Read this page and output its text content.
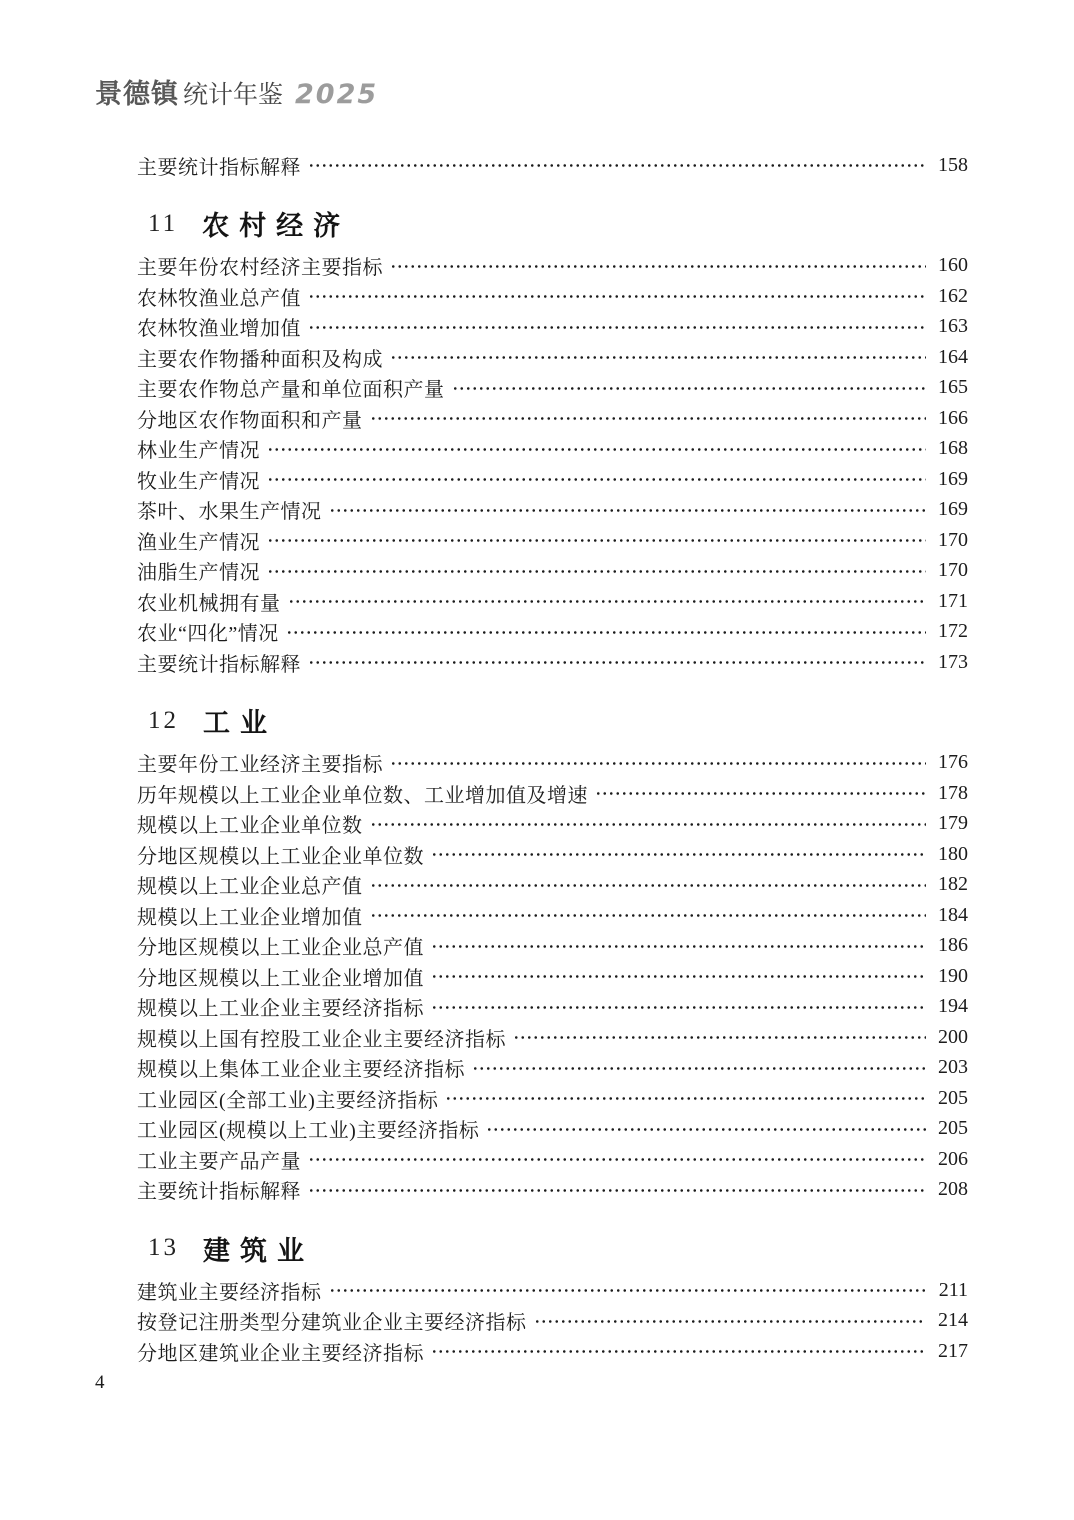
景德镇 统计年鉴 2025
主要统计指标解释	158
11 农村经济
主要年份农村经济主要指标	160
农林牧渔业总产值	162
农林牧渔业增加值	163
主要农作物播种面积及构成	164
主要农作物总产量和单位面积产量	165
分地区农作物面积和产量	166
林业生产情况	168
牧业生产情况	169
茶叶、水果生产情况	169
渔业生产情况	170
油脂生产情况	170
农业机械拥有量	171
农业“四化”情况	172
主要统计指标解释	173
12 工业
主要年份工业经济主要指标	176
历年规模以上工业企业单位数、工业增加值及增速	178
规模以上工业企业单位数	179
分地区规模以上工业企业单位数	180
规模以上工业企业总产值	182
规模以上工业企业增加值	184
分地区规模以上工业企业总产值	186
分地区规模以上工业企业增加值	190
规模以上工业企业主要经济指标	194
规模以上国有控股工业企业主要经济指标	200
规模以上集体工业企业主要经济指标	203
工业园区(全部工业)主要经济指标	205
工业园区(规模以上工业)主要经济指标	205
工业主要产品产量	206
主要统计指标解释	208
13 建筑业
建筑业主要经济指标	211
按登记注册类型分建筑业企业主要经济指标	214
分地区建筑业企业主要经济指标	217
4
